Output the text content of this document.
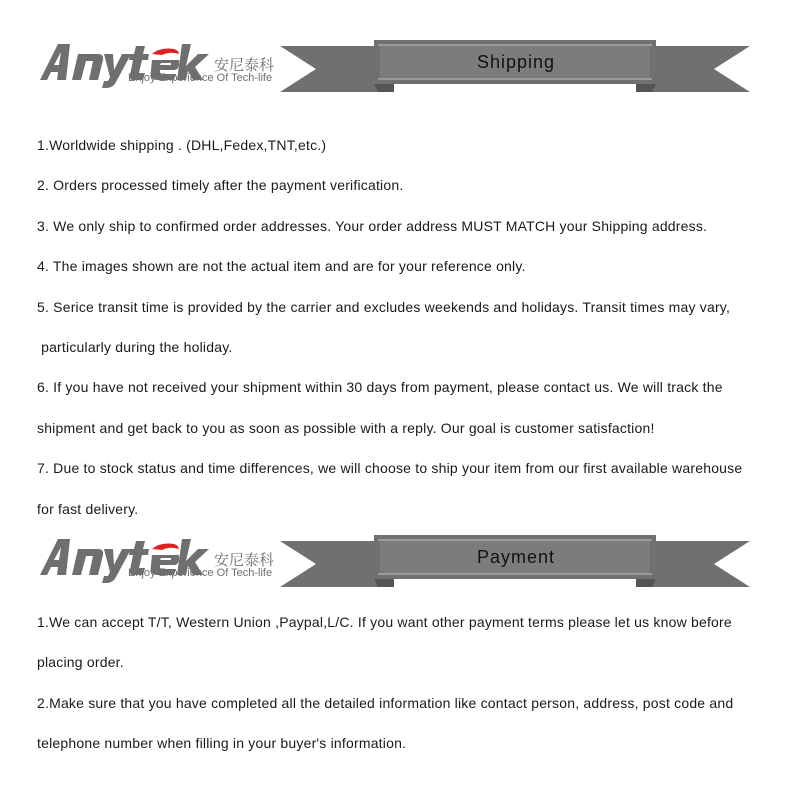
安尼泰科
Enjoy Experience Of Tech-life
Shipping
1.Worldwide shipping . (DHL,Fedex,TNT,etc.)
2. Orders processed timely after the payment verification.
3. We only ship to confirmed order addresses. Your order address MUST MATCH your Shipping address.
4. The images shown are not the actual item and are for your reference only.
5. Serice transit time is provided by the carrier and excludes weekends and holidays. Transit times may vary,
particularly during the holiday.
6. If you have not received your shipment within 30 days from payment, please contact us. We will track the
shipment and get back to you as soon as possible with a reply. Our goal is customer satisfaction!
7. Due to stock status and time differences, we will choose to ship your item from our first available warehouse
for fast delivery.
安尼泰科
Enjoy Experience Of Tech-life
Payment
1.We can accept T/T, Western Union ,Paypal,L/C. If you want other payment terms please let us know before
placing order.
2.Make sure that you have completed all the detailed information like contact person, address, post code and
telephone number when filling in your buyer's information.
